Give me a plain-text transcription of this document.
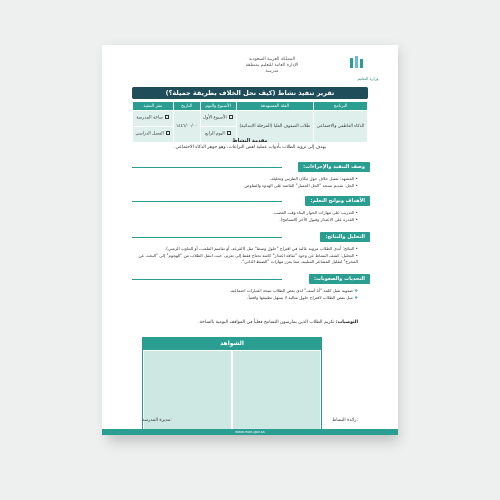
وزارة التعليم
المملكة العربية السعودية
الإدارة العامة للتعليم بمنطقة
مدرسة
تقرير تنفيذ نشاط (كيف نحل الخلاف بطريقة جميلة؟)
البرنامج	الفئة المستهدفة	الأسبوع واليوم	التاريخ	مقر التنفيذ
الذكاء العاطفي والاجتماعي	طلاب الصفوف العليا (المرحلة الابتدائية)	الأسبوع الأول	١٤٤٦/٠٠/٠٠	ساحة المدرسة
		اليوم الرابع		الفصل الدراسي
مقدمة النشاط
يهدف إلى تزويد الطلاب بأدوات عملية لفض النزاعات، وهو جوهر الذكاء الاجتماعي.
وصف التنفيذ والإجراءات:
• المشهد: تمثيل خلاف حول مكان الطرس وتحليله.
• الحل: تقديم نسخة "الحل الجميل" القائمة على الهدوء والتفاوض.
الأهداف ونواتج التعلم:
• التدريب على مهارات الحوار البناء وقت الغضب.
• القدرة على الاعتذار وقبول الآخر (التسامح).
التحليل والنتائج:
• النتائج: أبدى الطلاب مرونة عالية في اقتراح "حلول وسط" مثل (القرعة، أو تقاسم الملعب، أو التناوب الزمني).
• التحليل: كشف النشاط عن وجود "ثقافة اعتذار" كامنة تحتاج فقط إلى تعزيز، حيث انتقل الطلاب من "الهجوم" إلى "البحث عن المخرج" لتقليل المشاعر السلبية، مما يعزز مهارات "الضبط الذاتي".
التحديات والصعوبات:
❖ صعوبة تقبل كلمة "أنا آسف" لدى بعض الطلاب نتيجة اعتبارات اجتماعية.
❖ ميل بعض الطلاب لاقتراح حلول مثالية لا يسهل تطبيقها واقعياً.
التوصيات: تكريم الطلاب الذين يمارسون التسامح فعلياً في المواقف اليومية بالساحة.
الشواهد
رائدة النشاط:
مديرة المدرسة:
www.moe.gov.sa
